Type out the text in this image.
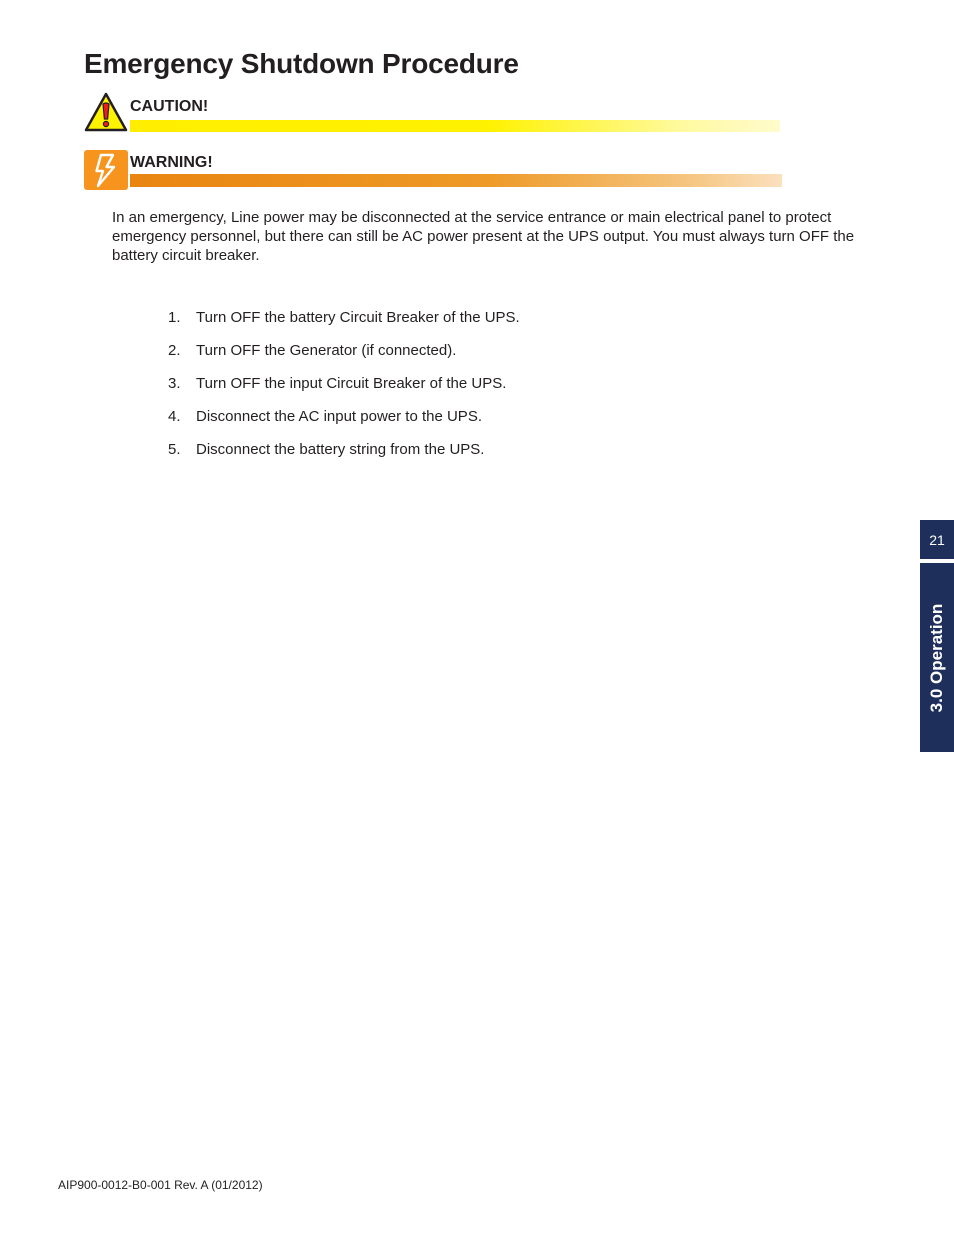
Emergency Shutdown Procedure
CAUTION!
WARNING!

In an emergency, Line power may be disconnected at the service entrance or main electrical panel to protect emergency personnel, but there can still be AC power present at the UPS output. You must always turn OFF the battery circuit breaker.

1.	Turn OFF the battery Circuit Breaker of the UPS.
2.	Turn OFF the Generator (if connected).
3.	Turn OFF the input Circuit Breaker of the UPS.
4.	Disconnect the AC input power to the UPS.
5.	Disconnect the battery string from the UPS.
21
3.0 Operation
AIP900-0012-B0-001 Rev. A (01/2012)
